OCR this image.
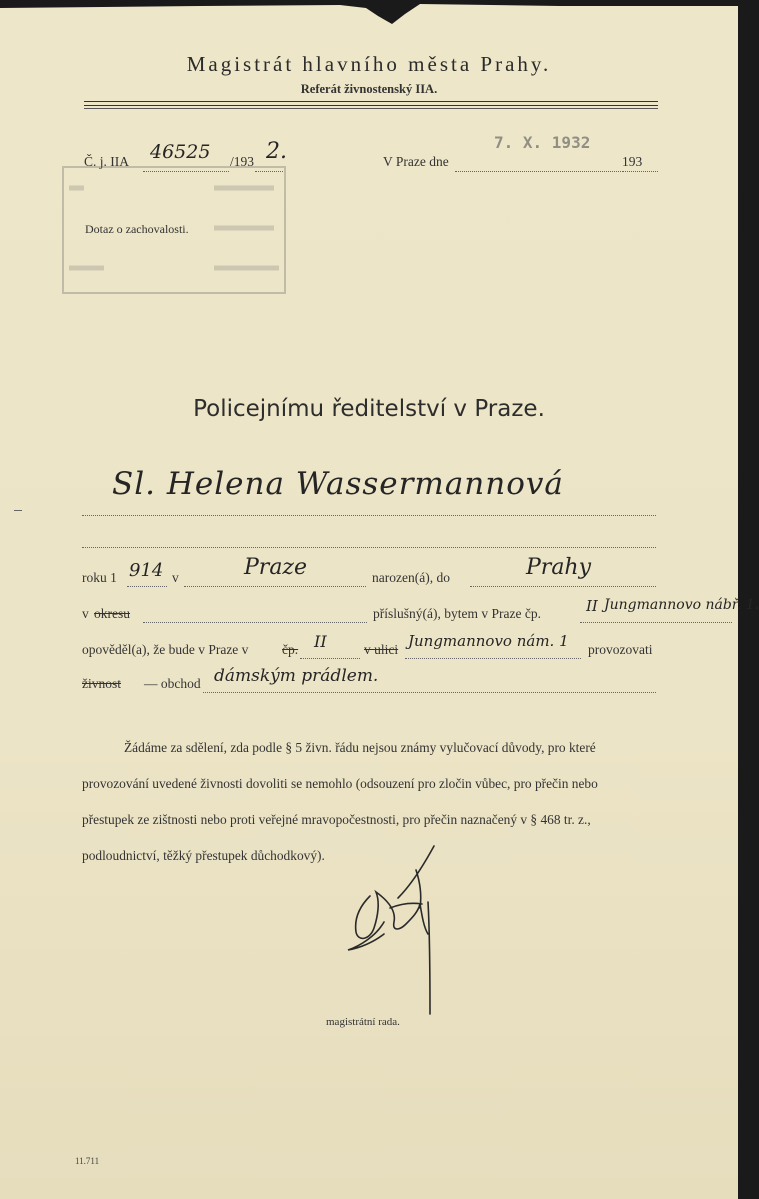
Magistrát hlavního města Prahy.
Referát živnostenský IIA.
Č. j. IIA 46525 /193 2.	V Praze dne
7. X. 1932
193
Dotaz o zachovalosti.
Policejnímu ředitelství v Praze.
Sl. Helena Wassermannová
roku 1 914 v	Praze	narozen(á), do	Prahy
v okresu	příslušný(á), bytem v Praze čp.	II Jungmannovo nábř. 1.
opověděl(a), že bude v Praze v čp. II	v ulici Jungmannovo nám. 1 provozovati
živnost — obchod dámským prádlem.
Žádáme za sdělení, zda podle § 5 živn. řádu nejsou známy vylučovací důvody, pro které
provozování uvedené živnosti dovoliti se nemohlo (odsouzení pro zločin vůbec, pro přečin nebo
přestupek ze zištnosti nebo proti veřejné mravopočestnosti, pro přečin naznačený v § 468 tr. z.,
podloudnictví, těžký přestupek důchodkový).
magistrátní rada.
11.711
